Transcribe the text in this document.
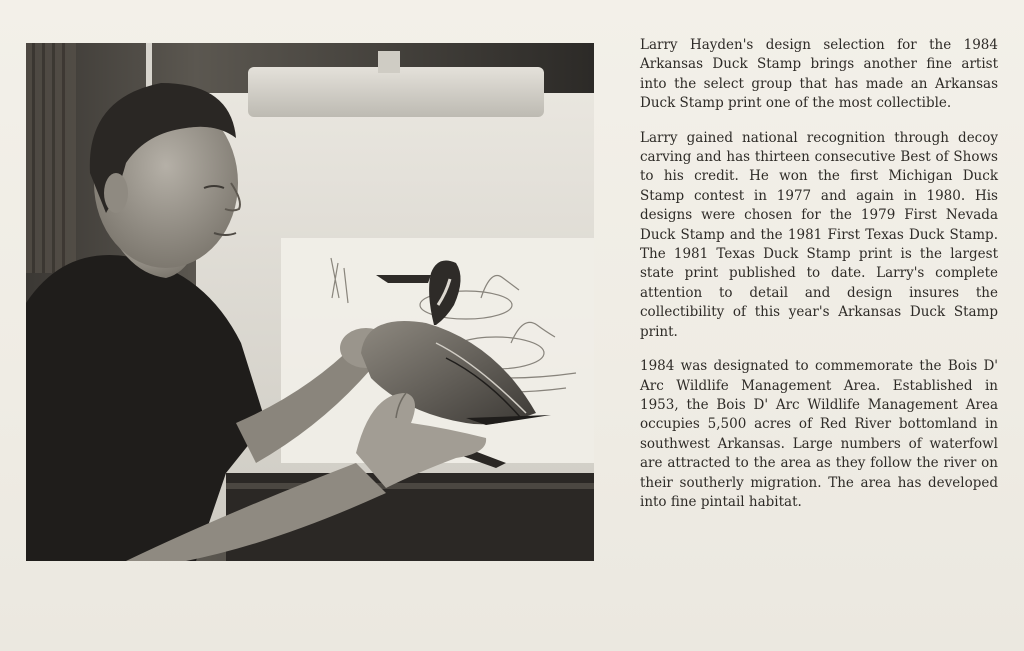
Larry Hayden's design selection for the 1984 Arkansas Duck Stamp brings another fine artist into the select group that has made an Arkansas Duck Stamp print one of the most collectible.

Larry gained national recognition through decoy carving and has thirteen consecutive Best of Shows to his credit. He won the first Michigan Duck Stamp contest in 1977 and again in 1980. His designs were chosen for the 1979 First Nevada Duck Stamp and the 1981 First Texas Duck Stamp. The 1981 Texas Duck Stamp print is the largest state print published to date. Larry's complete attention to detail and design insures the collectibility of this year's Arkansas Duck Stamp print.

1984 was designated to commemorate the Bois D' Arc Wildlife Management Area. Established in 1953, the Bois D' Arc Wildlife Management Area occupies 5,500 acres of Red River bottomland in southwest Arkansas. Large numbers of waterfowl are attracted to the area as they follow the river on their southerly migration. The area has developed into fine pintail habitat.
